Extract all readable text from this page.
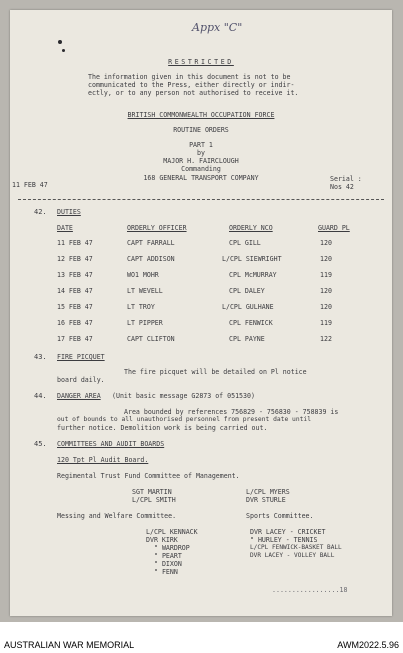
Appx "C"
RESTRICTED
The information given in this document is not to be
communicated to the Press, either directly or indir-
ectly, or to any person not authorised to receive it.
BRITISH COMMONWEALTH OCCUPATION FORCE
ROUTINE ORDERS
PART 1
by
MAJOR H. FAIRCLOUGH
Commanding
168 GENERAL TRANSPORT COMPANY
11 FEB 47
Serial :
Nos 42
42. DUTIES
DATE	ORDERLY OFFICER	ORDERLY NCO	GUARD PL
11 FEB 47	CAPT FARRALL	CPL GILL	120
12 FEB 47	CAPT ADDISON	L/CPL SIEWRIGHT	120
13 FEB 47	WO1 MOHR	CPL McMURRAY	119
14 FEB 47	LT WEVELL	CPL DALEY	120
15 FEB 47	LT TROY	L/CPL GULHANE	120
16 FEB 47	LT PIPPER	CPL FENWICK	119
17 FEB 47	CAPT CLIFTON	CPL PAYNE	122
43. FIRE PICQUET
The fire picquet will be detailed on Pl notice
board daily.
44. DANGER AREA (Unit basic message G2873 of 051530)
Area bounded by references 756829 - 756830 - 758839 is
out of bounds to all unauthorised personnel from present date until
further notice. Demolition work is being carried out.
45. COMMITTEES AND AUDIT BOARDS
120 Tpt Pl Audit Board.
Regimental Trust Fund Committee of Management.
SGT MARTIN
L/CPL SMITH
L/CPL MYERS
DVR STURLE
Messing and Welfare Committee.	Sports Committee.
L/CPL KENNACK
DVR KIRK
" WARDROP
" PEART
" DIXON
" FENN
DVR LACEY - CRICKET
" HURLEY - TENNIS
L/CPL FENWICK-BASKET BALL
DVR LACEY - VOLLEY BALL
.................18
AUSTRALIAN WAR MEMORIAL	AWM2022.5.96
